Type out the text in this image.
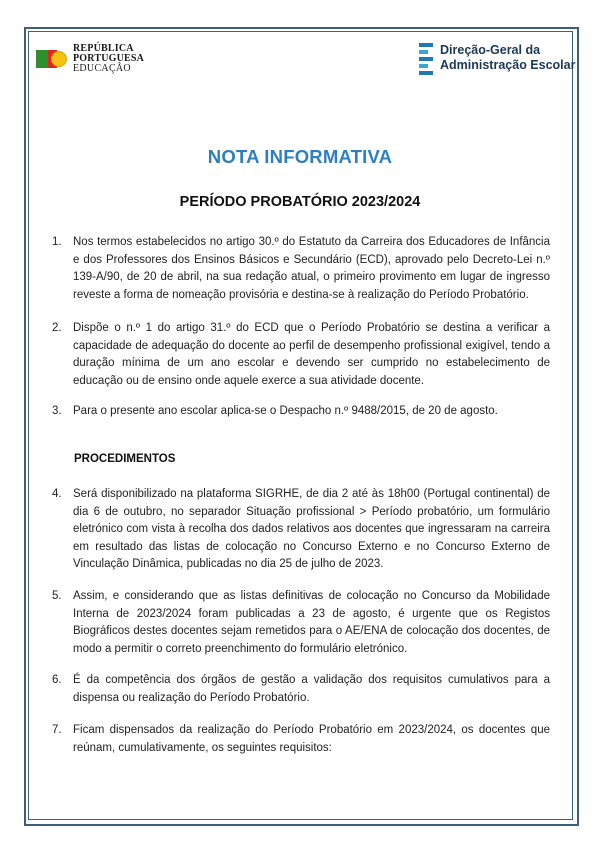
REPÚBLICA
PORTUGUESA
EDUCAÇÃO
Direção-Geral da
Administração Escolar
NOTA INFORMATIVA
PERÍODO PROBATÓRIO 2023/2024
1. Nos termos estabelecidos no artigo 30.º do Estatuto da Carreira dos Educadores de Infância e dos Professores dos Ensinos Básicos e Secundário (ECD), aprovado pelo Decreto-Lei n.º 139-A/90, de 20 de abril, na sua redação atual, o primeiro provimento em lugar de ingresso reveste a forma de nomeação provisória e destina-se à realização do Período Probatório.
2. Dispõe o n.º 1 do artigo 31.º do ECD que o Período Probatório se destina a verificar a capacidade de adequação do docente ao perfil de desempenho profissional exigível, tendo a duração mínima de um ano escolar e devendo ser cumprido no estabelecimento de educação ou de ensino onde aquele exerce a sua atividade docente.
3. Para o presente ano escolar aplica-se o Despacho n.º 9488/2015, de 20 de agosto.
PROCEDIMENTOS
4. Será disponibilizado na plataforma SIGRHE, de dia 2 até às 18h00 (Portugal continental) de dia 6 de outubro, no separador Situação profissional > Período probatório, um formulário eletrónico com vista à recolha dos dados relativos aos docentes que ingressaram na carreira em resultado das listas de colocação no Concurso Externo e no Concurso Externo de Vinculação Dinâmica, publicadas no dia 25 de julho de 2023.
5. Assim, e considerando que as listas definitivas de colocação no Concurso da Mobilidade Interna de 2023/2024 foram publicadas a 23 de agosto, é urgente que os Registos Biográficos destes docentes sejam remetidos para o AE/ENA de colocação dos docentes, de modo a permitir o correto preenchimento do formulário eletrónico.
6. É da competência dos órgãos de gestão a validação dos requisitos cumulativos para a dispensa ou realização do Período Probatório.
7. Ficam dispensados da realização do Período Probatório em 2023/2024, os docentes que reúnam, cumulativamente, os seguintes requisitos:
